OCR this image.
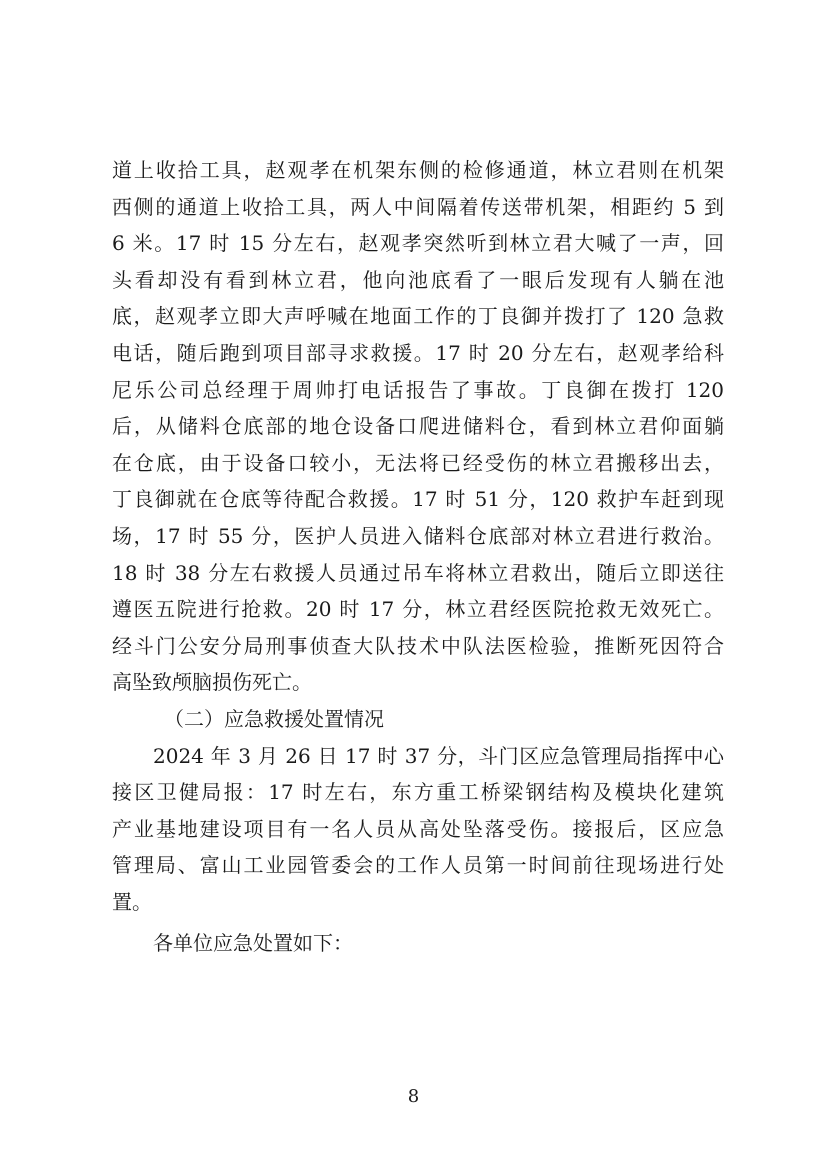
道上收拾工具，赵观孝在机架东侧的检修通道，林立君则在机架
西侧的通道上收拾工具，两人中间隔着传送带机架，相距约 5 到
6 米。17 时 15 分左右，赵观孝突然听到林立君大喊了一声，回
头看却没有看到林立君，他向池底看了一眼后发现有人躺在池
底，赵观孝立即大声呼喊在地面工作的丁良御并拨打了 120 急救
电话，随后跑到项目部寻求救援。17 时 20 分左右，赵观孝给科
尼乐公司总经理于周帅打电话报告了事故。丁良御在拨打 120
后，从储料仓底部的地仓设备口爬进储料仓，看到林立君仰面躺
在仓底，由于设备口较小，无法将已经受伤的林立君搬移出去，
丁良御就在仓底等待配合救援。17 时 51 分，120 救护车赶到现
场，17 时 55 分，医护人员进入储料仓底部对林立君进行救治。
18 时 38 分左右救援人员通过吊车将林立君救出，随后立即送往
遵医五院进行抢救。20 时 17 分，林立君经医院抢救无效死亡。
经斗门公安分局刑事侦查大队技术中队法医检验，推断死因符合
高坠致颅脑损伤死亡。
（二）应急救援处置情况
2024 年 3 月 26 日 17 时 37 分，斗门区应急管理局指挥中心
接区卫健局报：17 时左右，东方重工桥梁钢结构及模块化建筑
产业基地建设项目有一名人员从高处坠落受伤。接报后，区应急
管理局、富山工业园管委会的工作人员第一时间前往现场进行处
置。
各单位应急处置如下：
8
